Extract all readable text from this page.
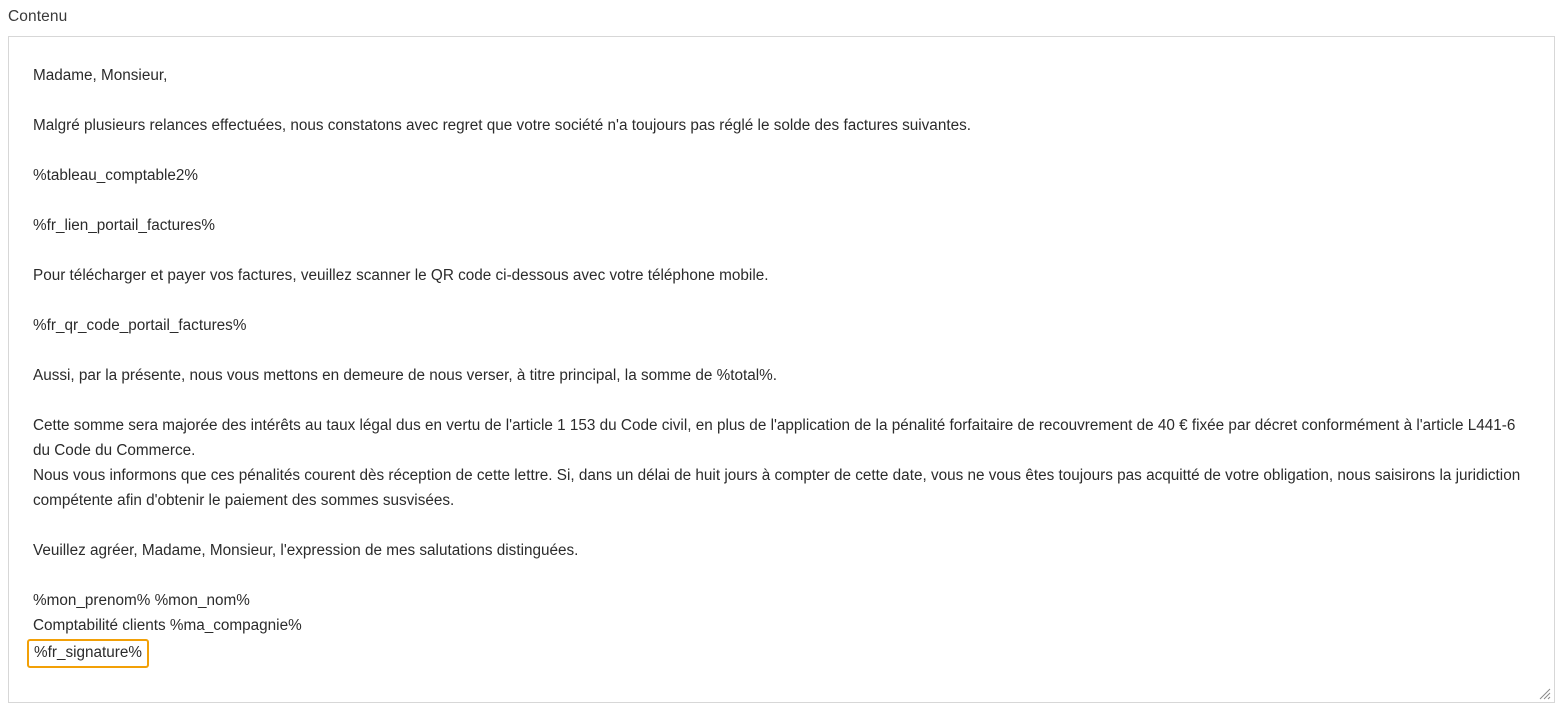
Contenu

Madame, Monsieur,

Malgré plusieurs relances effectuées, nous constatons avec regret que votre société n'a toujours pas réglé le solde des factures suivantes.

%tableau_comptable2%

%fr_lien_portail_factures%

Pour télécharger et payer vos factures, veuillez scanner le QR code ci-dessous avec votre téléphone mobile.

%fr_qr_code_portail_factures%

Aussi, par la présente, nous vous mettons en demeure de nous verser, à titre principal, la somme de %total%.

Cette somme sera majorée des intérêts au taux légal dus en vertu de l'article 1 153 du Code civil, en plus de l'application de la pénalité forfaitaire de recouvrement de 40 € fixée par décret conformément à l'article L441-6 du Code du Commerce.

Nous vous informons que ces pénalités courent dès réception de cette lettre. Si, dans un délai de huit jours à compter de cette date, vous ne vous êtes toujours pas acquitté de votre obligation, nous saisirons la juridiction compétente afin d'obtenir le paiement des sommes susvisées.

Veuillez agréer, Madame, Monsieur, l'expression de mes salutations distinguées.

%mon_prenom% %mon_nom%

Comptabilité clients %ma_compagnie%

%fr_signature%
